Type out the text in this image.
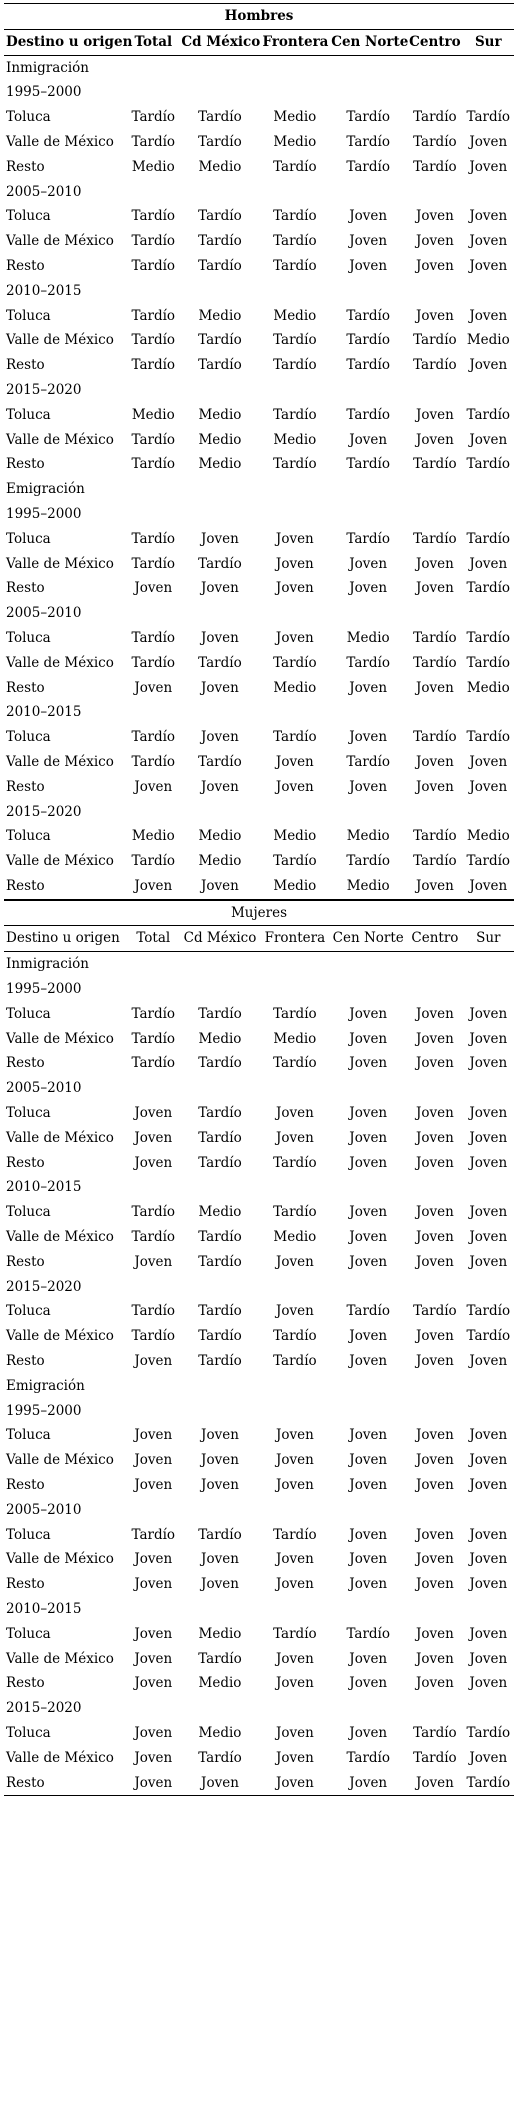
Hombres						
Destino u origen	Total	Cd México	Frontera	Cen Norte	Centro	Sur
Inmigración						
1995–2000						
Toluca	Tardío	Tardío	Medio	Tardío	Tardío	Tardío
Valle de México	Tardío	Tardío	Medio	Tardío	Tardío	Joven
Resto	Medio	Medio	Tardío	Tardío	Tardío	Joven
2005–2010						
Toluca	Tardío	Tardío	Tardío	Joven	Joven	Joven
Valle de México	Tardío	Tardío	Tardío	Joven	Joven	Joven
Resto	Tardío	Tardío	Tardío	Joven	Joven	Joven
2010–2015						
Toluca	Tardío	Medio	Medio	Tardío	Joven	Joven
Valle de México	Tardío	Tardío	Tardío	Tardío	Tardío	Medio
Resto	Tardío	Tardío	Tardío	Tardío	Tardío	Joven
2015–2020						
Toluca	Medio	Medio	Tardío	Tardío	Joven	Tardío
Valle de México	Tardío	Medio	Medio	Joven	Joven	Joven
Resto	Tardío	Medio	Tardío	Tardío	Tardío	Tardío
Emigración						
1995–2000						
Toluca	Tardío	Joven	Joven	Tardío	Tardío	Tardío
Valle de México	Tardío	Tardío	Joven	Joven	Joven	Joven
Resto	Joven	Joven	Joven	Joven	Joven	Tardío
2005–2010						
Toluca	Tardío	Joven	Joven	Medio	Tardío	Tardío
Valle de México	Tardío	Tardío	Tardío	Tardío	Tardío	Tardío
Resto	Joven	Joven	Medio	Joven	Joven	Medio
2010–2015						
Toluca	Tardío	Joven	Tardío	Joven	Tardío	Tardío
Valle de México	Tardío	Tardío	Joven	Tardío	Joven	Joven
Resto	Joven	Joven	Joven	Joven	Joven	Joven
2015–2020						
Toluca	Medio	Medio	Medio	Medio	Tardío	Medio
Valle de México	Tardío	Medio	Tardío	Tardío	Tardío	Tardío
Resto	Joven	Joven	Medio	Medio	Joven	Joven
Mujeres						
Destino u origen	Total	Cd México	Frontera	Cen Norte	Centro	Sur
Inmigración						
1995–2000						
Toluca	Tardío	Tardío	Tardío	Joven	Joven	Joven
Valle de México	Tardío	Medio	Medio	Joven	Joven	Joven
Resto	Tardío	Tardío	Tardío	Joven	Joven	Joven
2005–2010						
Toluca	Joven	Tardío	Joven	Joven	Joven	Joven
Valle de México	Joven	Tardío	Joven	Joven	Joven	Joven
Resto	Joven	Tardío	Tardío	Joven	Joven	Joven
2010–2015						
Toluca	Tardío	Medio	Tardío	Joven	Joven	Joven
Valle de México	Tardío	Tardío	Medio	Joven	Joven	Joven
Resto	Joven	Tardío	Joven	Joven	Joven	Joven
2015–2020						
Toluca	Tardío	Tardío	Joven	Tardío	Tardío	Tardío
Valle de México	Tardío	Tardío	Tardío	Joven	Joven	Tardío
Resto	Joven	Tardío	Tardío	Joven	Joven	Joven
Emigración						
1995–2000						
Toluca	Joven	Joven	Joven	Joven	Joven	Joven
Valle de México	Joven	Joven	Joven	Joven	Joven	Joven
Resto	Joven	Joven	Joven	Joven	Joven	Joven
2005–2010						
Toluca	Tardío	Tardío	Tardío	Joven	Joven	Joven
Valle de México	Joven	Joven	Joven	Joven	Joven	Joven
Resto	Joven	Joven	Joven	Joven	Joven	Joven
2010–2015						
Toluca	Joven	Medio	Tardío	Tardío	Joven	Joven
Valle de México	Joven	Tardío	Joven	Joven	Joven	Joven
Resto	Joven	Medio	Joven	Joven	Joven	Joven
2015–2020						
Toluca	Joven	Medio	Joven	Joven	Tardío	Tardío
Valle de México	Joven	Tardío	Joven	Tardío	Tardío	Joven
Resto	Joven	Joven	Joven	Joven	Joven	Tardío
